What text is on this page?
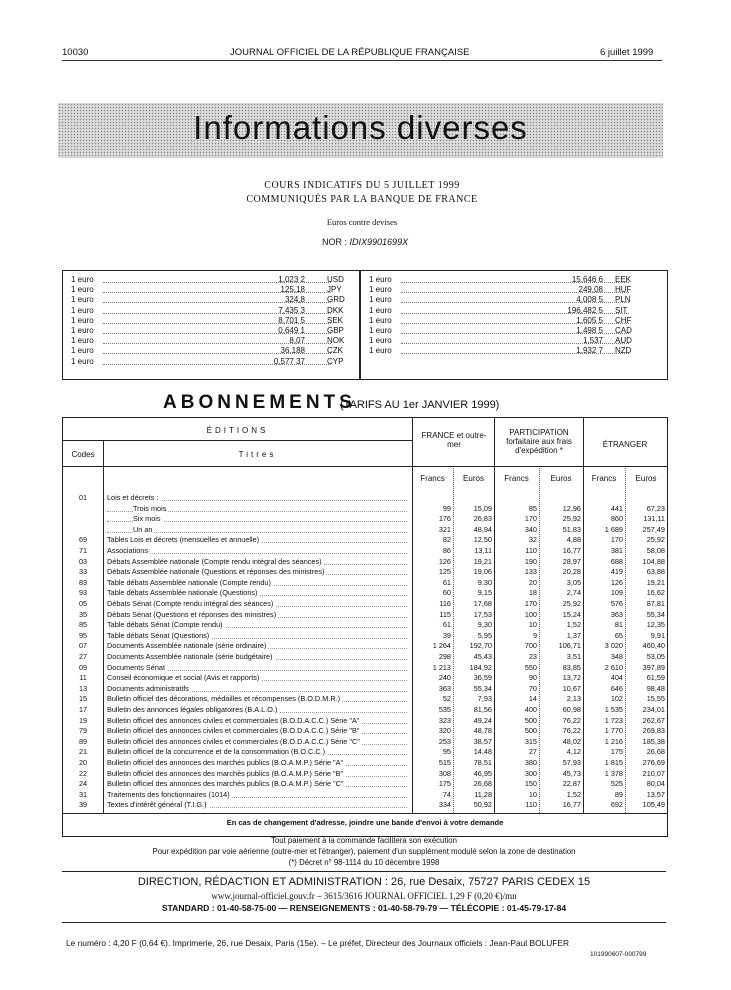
10030	JOURNAL OFFICIEL DE LA RÉPUBLIQUE FRANÇAISE	6 juillet 1999
Informations diverses
COURS INDICATIFS DU 5 JUILLET 1999
COMMUNIQUÉS PAR LA BANQUE DE FRANCE
Euros contre devises
NOR : IDIX9901699X
1 euro	1,023 2	USD
1 euro	125,18	JPY
1 euro	324,8	GRD
1 euro	7,435 3	DKK
1 euro	8,701 5	SEK
1 euro	0,649 1	GBP
1 euro	8,07	NOK
1 euro	36,188	CZK
1 euro	0,577 37	CYP
1 euro	15,646 6 EEK
1 euro	249,08 HUF
1 euro	4,008 5 PLN
1 euro	196,482 5 SIT
1 euro	1,605 5 CHF
1 euro	1,498 5 CAD
1 euro	1,537 AUD
1 euro	1,932 7 NZD
ABONNEMENTS
(TARIFS AU 1er JANVIER 1999)
ÉDITIONS
Codes	Titres
FRANCE et outre-mer
PARTICIPATION forfaitaire aux frais d'expédition *
ÉTRANGER
Francs	Euros	Francs	Euros	Francs	Euros
01	Lois et décrets :
Trois mois	99	15,09	85	12,96	441	67,23
Six mois	176	26,83	170	25,92	860	131,11
Un an	321	48,94	340	51,83	1 689	257,49
69	Tables Lois et décrets (mensuelles et annuelle)	82	12,50	32	4,88	170	25,92
71	Associations	86	13,11	110	16,77	381	58,08
03	Débats Assemblée nationale (Compte rendu intégral des séances)	126	19,21	190	28,97	688	104,88
33	Débats Assemblée nationale (Questions et réponses des ministres)	125	19,06	133	20,28	419	63,88
83	Table débats Assemblée nationale (Compte rendu)	61	9,30	20	3,05	126	19,21
93	Table débats Assemblée nationale (Questions)	60	9,15	18	2,74	109	16,62
05	Débats Sénat (Compte rendu intégral des séances)	116	17,68	170	25,92	576	87,81
35	Débats Sénat (Questions et réponses des ministres)	115	17,53	100	15,24	363	55,34
85	Table débats Sénat (Compte rendu)	61	9,30	10	1,52	81	12,35
95	Table débats Sénat (Questions)	39	5,95	9	1,37	65	9,91
07	Documents Assemblée nationale (série ordinaire)	1 264	192,70	700	106,71	3 020	460,40
27	Documents Assemblée nationale (série budgétaire)	298	45,43	23	3,51	348	53,05
09	Documents Sénat	1 213	184,92	550	83,85	2 610	397,89
11	Conseil économique et social (Avis et rapports)	240	36,59	90	13,72	404	61,59
13	Documents administratifs	363	55,34	70	10,67	646	98,48
15	Bulletin officiel des décorations, médailles et récompenses (B.O.D.M.R.)	52	7,93	14	2,13	102	15,55
17	Bulletin des annonces légales obligatoires (B.A.L.O.)	535	81,56	400	60,98	1 535	234,01
19	Bulletin officiel des annonces civiles et commerciales (B.O.D.A.C.C.) Série "A"	323	49,24	500	76,22	1 723	262,67
79	Bulletin officiel des annonces civiles et commerciales (B.O.D.A.C.C.) Série "B"	320	48,78	500	76,22	1 770	269,83
89	Bulletin officiel des annonces civiles et commerciales (B.O.D.A.C.C.) Série "C"	253	38,57	315	48,02	1 216	185,38
21	Bulletin officiel de la concurrence et de la consommation (B.O.C.C.)	95	14,48	27	4,12	175	26,68
20	Bulletin officiel des annonces des marchés publics (B.O.A.M.P.) Série "A"	515	78,51	380	57,93	1 815	276,69
22	Bulletin officiel des annonces des marchés publics (B.O.A.M.P.) Série "B"	308	46,95	300	45,73	1 378	210,07
24	Bulletin officiel des annonces des marchés publics (B.O.A.M.P.) Série "C"	175	26,68	150	22,87	525	80,04
31	Traitements des fonctionnaires (1014)	74	11,28	10	1,52	89	13,57
39	Textes d'intérêt général (T.I.G.)	334	50,92	110	16,77	692	105,49
En cas de changement d'adresse, joindre une bande d'envoi à votre demande
Tout paiement à la commande facilitera son exécution
Pour expédition par voie aérienne (outre-mer et l'étranger), paiement d'un supplément modulé selon la zone de destination
(*) Décret n° 98-1114 du 10 décembre 1998
DIRECTION, RÉDACTION ET ADMINISTRATION : 26, rue Desaix, 75727 PARIS CEDEX 15
www.journal-officiel.gouv.fr – 3615/3616 JOURNAL OFFICIEL 1,29 F (0,20 €)/mn
STANDARD : 01-40-58-75-00 — RENSEIGNEMENTS : 01-40-58-79-79 — TÉLÉCOPIE : 01-45-79-17-84
Le numéro : 4,20 F (0,64 €). Imprimerie, 26, rue Desaix, Paris (15e). – Le préfet, Directeur des Journaux officiels : Jean-Paul BOLUFER
101990607-000799
